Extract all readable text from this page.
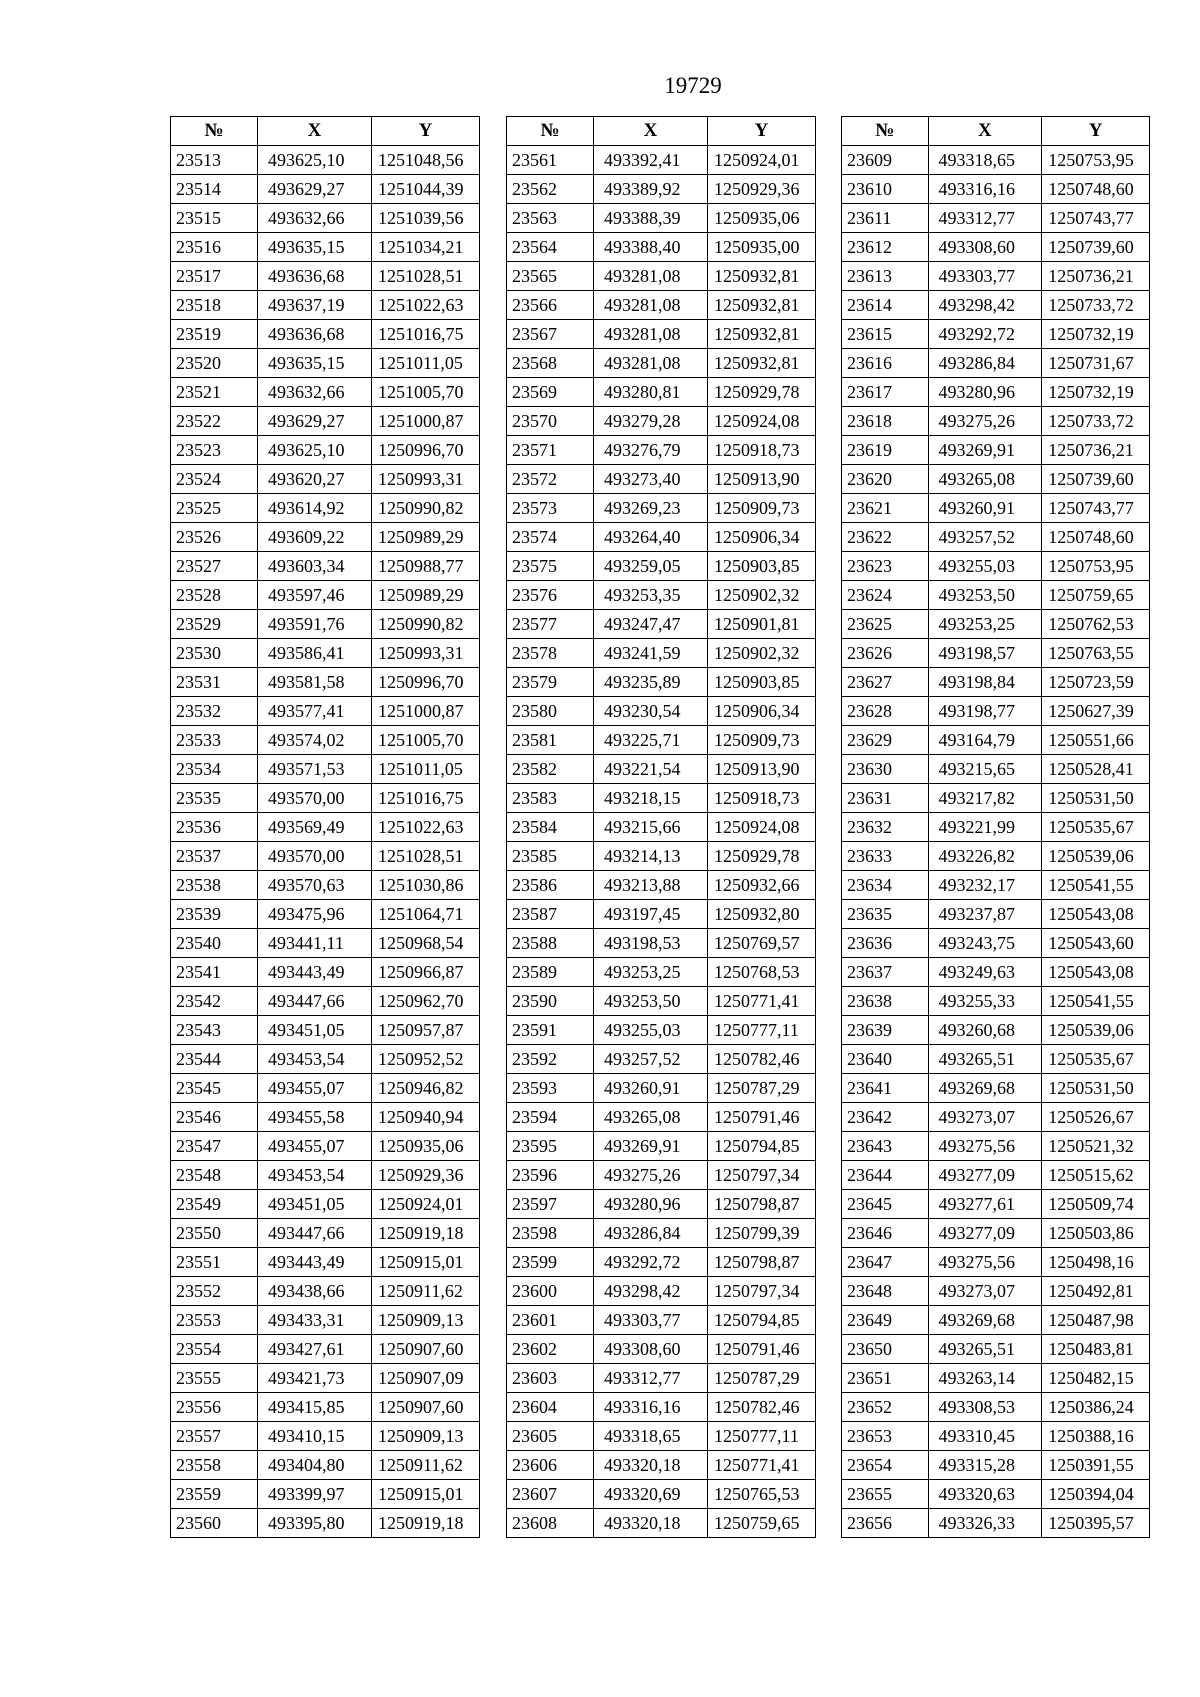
19729
№	X	Y
23513	493625,10	1251048,56
23514	493629,27	1251044,39
23515	493632,66	1251039,56
23516	493635,15	1251034,21
23517	493636,68	1251028,51
23518	493637,19	1251022,63
23519	493636,68	1251016,75
23520	493635,15	1251011,05
23521	493632,66	1251005,70
23522	493629,27	1251000,87
23523	493625,10	1250996,70
23524	493620,27	1250993,31
23525	493614,92	1250990,82
23526	493609,22	1250989,29
23527	493603,34	1250988,77
23528	493597,46	1250989,29
23529	493591,76	1250990,82
23530	493586,41	1250993,31
23531	493581,58	1250996,70
23532	493577,41	1251000,87
23533	493574,02	1251005,70
23534	493571,53	1251011,05
23535	493570,00	1251016,75
23536	493569,49	1251022,63
23537	493570,00	1251028,51
23538	493570,63	1251030,86
23539	493475,96	1251064,71
23540	493441,11	1250968,54
23541	493443,49	1250966,87
23542	493447,66	1250962,70
23543	493451,05	1250957,87
23544	493453,54	1250952,52
23545	493455,07	1250946,82
23546	493455,58	1250940,94
23547	493455,07	1250935,06
23548	493453,54	1250929,36
23549	493451,05	1250924,01
23550	493447,66	1250919,18
23551	493443,49	1250915,01
23552	493438,66	1250911,62
23553	493433,31	1250909,13
23554	493427,61	1250907,60
23555	493421,73	1250907,09
23556	493415,85	1250907,60
23557	493410,15	1250909,13
23558	493404,80	1250911,62
23559	493399,97	1250915,01
23560	493395,80	1250919,18
№	X	Y
23561	493392,41	1250924,01
23562	493389,92	1250929,36
23563	493388,39	1250935,06
23564	493388,40	1250935,00
23565	493281,08	1250932,81
23566	493281,08	1250932,81
23567	493281,08	1250932,81
23568	493281,08	1250932,81
23569	493280,81	1250929,78
23570	493279,28	1250924,08
23571	493276,79	1250918,73
23572	493273,40	1250913,90
23573	493269,23	1250909,73
23574	493264,40	1250906,34
23575	493259,05	1250903,85
23576	493253,35	1250902,32
23577	493247,47	1250901,81
23578	493241,59	1250902,32
23579	493235,89	1250903,85
23580	493230,54	1250906,34
23581	493225,71	1250909,73
23582	493221,54	1250913,90
23583	493218,15	1250918,73
23584	493215,66	1250924,08
23585	493214,13	1250929,78
23586	493213,88	1250932,66
23587	493197,45	1250932,80
23588	493198,53	1250769,57
23589	493253,25	1250768,53
23590	493253,50	1250771,41
23591	493255,03	1250777,11
23592	493257,52	1250782,46
23593	493260,91	1250787,29
23594	493265,08	1250791,46
23595	493269,91	1250794,85
23596	493275,26	1250797,34
23597	493280,96	1250798,87
23598	493286,84	1250799,39
23599	493292,72	1250798,87
23600	493298,42	1250797,34
23601	493303,77	1250794,85
23602	493308,60	1250791,46
23603	493312,77	1250787,29
23604	493316,16	1250782,46
23605	493318,65	1250777,11
23606	493320,18	1250771,41
23607	493320,69	1250765,53
23608	493320,18	1250759,65
№	X	Y
23609	493318,65	1250753,95
23610	493316,16	1250748,60
23611	493312,77	1250743,77
23612	493308,60	1250739,60
23613	493303,77	1250736,21
23614	493298,42	1250733,72
23615	493292,72	1250732,19
23616	493286,84	1250731,67
23617	493280,96	1250732,19
23618	493275,26	1250733,72
23619	493269,91	1250736,21
23620	493265,08	1250739,60
23621	493260,91	1250743,77
23622	493257,52	1250748,60
23623	493255,03	1250753,95
23624	493253,50	1250759,65
23625	493253,25	1250762,53
23626	493198,57	1250763,55
23627	493198,84	1250723,59
23628	493198,77	1250627,39
23629	493164,79	1250551,66
23630	493215,65	1250528,41
23631	493217,82	1250531,50
23632	493221,99	1250535,67
23633	493226,82	1250539,06
23634	493232,17	1250541,55
23635	493237,87	1250543,08
23636	493243,75	1250543,60
23637	493249,63	1250543,08
23638	493255,33	1250541,55
23639	493260,68	1250539,06
23640	493265,51	1250535,67
23641	493269,68	1250531,50
23642	493273,07	1250526,67
23643	493275,56	1250521,32
23644	493277,09	1250515,62
23645	493277,61	1250509,74
23646	493277,09	1250503,86
23647	493275,56	1250498,16
23648	493273,07	1250492,81
23649	493269,68	1250487,98
23650	493265,51	1250483,81
23651	493263,14	1250482,15
23652	493308,53	1250386,24
23653	493310,45	1250388,16
23654	493315,28	1250391,55
23655	493320,63	1250394,04
23656	493326,33	1250395,57
